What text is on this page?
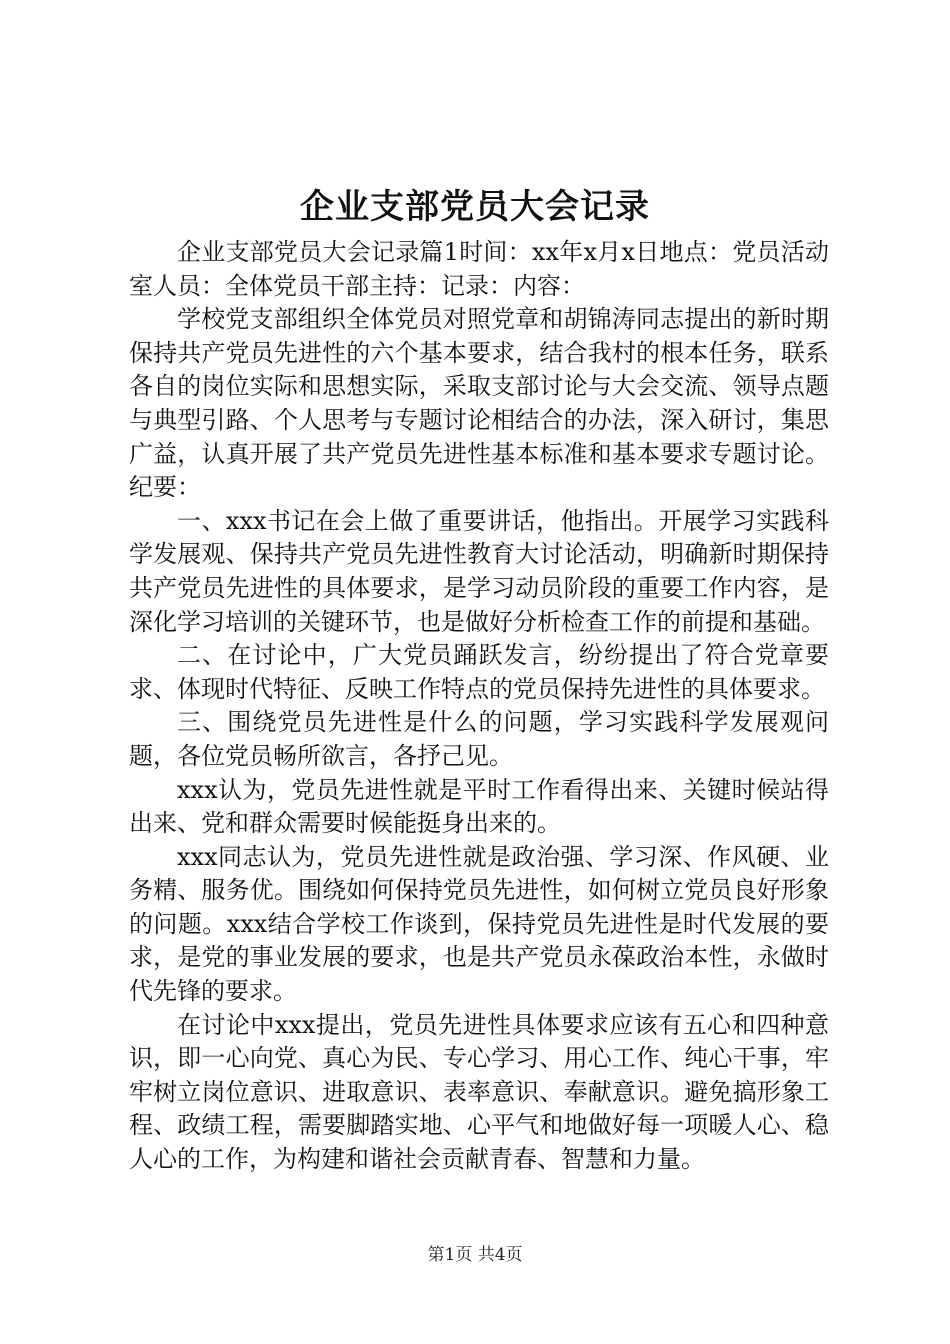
企业支部党员大会记录

企业支部党员大会记录篇1时间：xx年x月x日地点：党员活动室人员：全体党员干部主持：记录：内容：

学校党支部组织全体党员对照党章和胡锦涛同志提出的新时期保持共产党员先进性的六个基本要求，结合我村的根本任务，联系各自的岗位实际和思想实际，采取支部讨论与大会交流、领导点题与典型引路、个人思考与专题讨论相结合的办法，深入研讨，集思广益，认真开展了共产党员先进性基本标准和基本要求专题讨论。纪要：

一、xxx书记在会上做了重要讲话，他指出。开展学习实践科学发展观、保持共产党员先进性教育大讨论活动，明确新时期保持共产党员先进性的具体要求，是学习动员阶段的重要工作内容，是深化学习培训的关键环节，也是做好分析检查工作的前提和基础。

二、在讨论中，广大党员踊跃发言，纷纷提出了符合党章要求、体现时代特征、反映工作特点的党员保持先进性的具体要求。

三、围绕党员先进性是什么的问题，学习实践科学发展观问题，各位党员畅所欲言，各抒己见。

xxx认为，党员先进性就是平时工作看得出来、关键时候站得出来、党和群众需要时候能挺身出来的。

xxx同志认为，党员先进性就是政治强、学习深、作风硬、业务精、服务优。围绕如何保持党员先进性，如何树立党员良好形象的问题。xxx结合学校工作谈到，保持党员先进性是时代发展的要求，是党的事业发展的要求，也是共产党员永葆政治本性，永做时代先锋的要求。

在讨论中xxx提出，党员先进性具体要求应该有五心和四种意识，即一心向党、真心为民、专心学习、用心工作、纯心干事，牢牢树立岗位意识、进取意识、表率意识、奉献意识。避免搞形象工程、政绩工程，需要脚踏实地、心平气和地做好每一项暖人心、稳人心的工作，为构建和谐社会贡献青春、智慧和力量。

第1页 共4页
